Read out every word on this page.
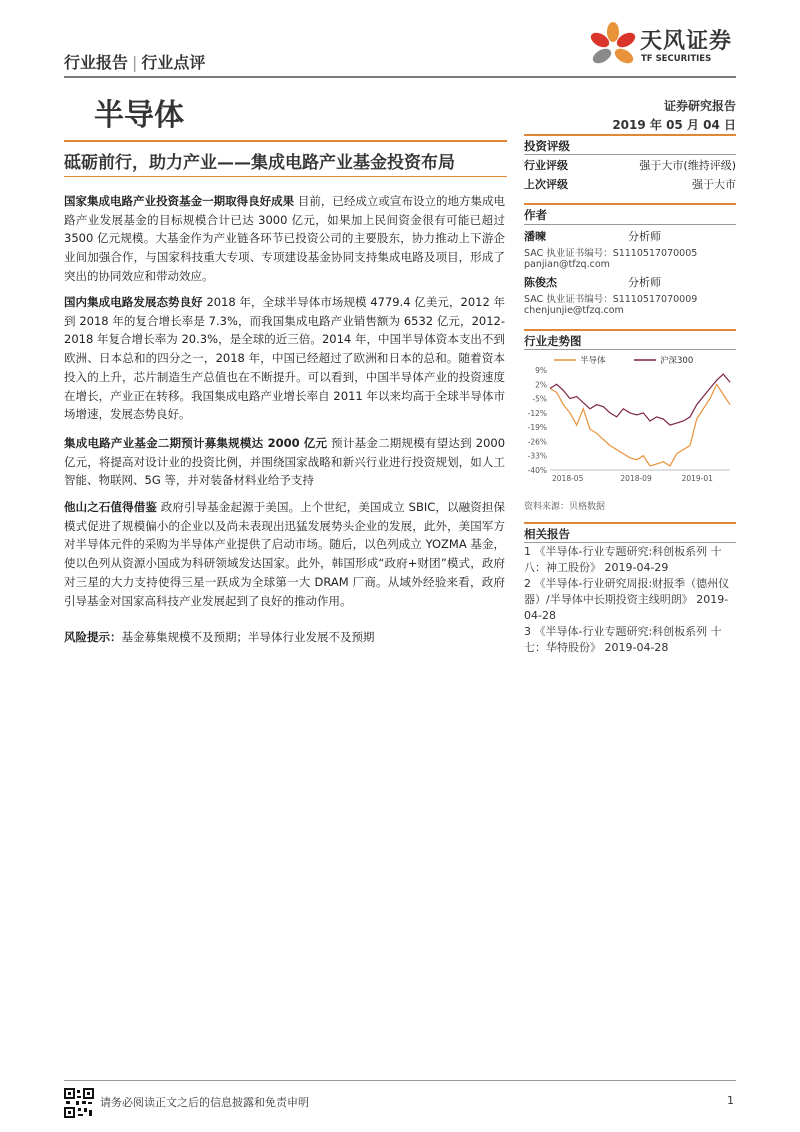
行业报告 | 行业点评
天风证券
TF SECURITIES
半导体	证券研究报告
2019 年 05 月 04 日
砥砺前行，助力产业——集成电路产业基金投资布局
国家集成电路产业投资基金一期取得良好成果 目前，已经成立或宣布设立的地方集成电路产业发展基金的目标规模合计已达 3000 亿元，如果加上民间资金很有可能已超过 3500 亿元规模。大基金作为产业链各环节已投资公司的主要股东，协力推动上下游企业间加强合作，与国家科技重大专项、专项建设基金协同支持集成电路及项目，形成了突出的协同效应和带动效应。
国内集成电路发展态势良好 2018 年，全球半导体市场规模 4779.4 亿美元，2012 年到 2018 年的复合增长率是 7.3%，而我国集成电路产业销售额为 6532 亿元，2012-2018 年复合增长率为 20.3%，是全球的近三倍。2014 年，中国半导体资本支出不到欧洲、日本总和的四分之一，2018 年，中国已经超过了欧洲和日本的总和。随着资本投入的上升，芯片制造生产总值也在不断提升。可以看到，中国半导体产业的投资速度在增长，产业正在转移。我国集成电路产业增长率自 2011 年以来均高于全球半导体市场增速，发展态势良好。
集成电路产业基金二期预计募集规模达 2000 亿元 预计基金二期规模有望达到 2000 亿元，将提高对设计业的投资比例，并围绕国家战略和新兴行业进行投资规划，如人工智能、物联网、5G 等，并对装备材料业给予支持
他山之石值得借鉴 政府引导基金起源于美国。上个世纪，美国成立 SBIC，以融资担保模式促进了规模偏小的企业以及尚未表现出迅猛发展势头企业的发展，此外，美国军方对半导体元件的采购为半导体产业提供了启动市场。随后，以色列成立 YOZMA 基金，使以色列从资源小国成为科研领域发达国家。此外，韩国形成“政府+财团”模式，政府对三星的大力支持使得三星一跃成为全球第一大 DRAM 厂商。从域外经验来看，政府引导基金对国家高科技产业发展起到了良好的推动作用。
风险提示：基金募集规模不及预期；半导体行业发展不及预期
投资评级
行业评级	强于大市(维持评级)
上次评级	强于大市
作者
潘暕	分析师
SAC 执业证书编号：S1110517070005
panjian@tfzq.com
陈俊杰	分析师
SAC 执业证书编号：S1110517070009
chenjunjie@tfzq.com
行业走势图
半导体	沪深300
9%
2%
-5%
-12%
-19%
-26%
-33%
-40%
2018-05	2018-09	2019-01
资料来源：贝格数据
相关报告
1 《半导体-行业专题研究:科创板系列 十八：神工股份》 2019-04-29
2 《半导体-行业研究周报:财报季（德州仪器）/半导体中长期投资主线明朗》 2019-04-28
3 《半导体-行业专题研究:科创板系列 十七：华特股份》 2019-04-28
请务必阅读正文之后的信息披露和免责申明	1
